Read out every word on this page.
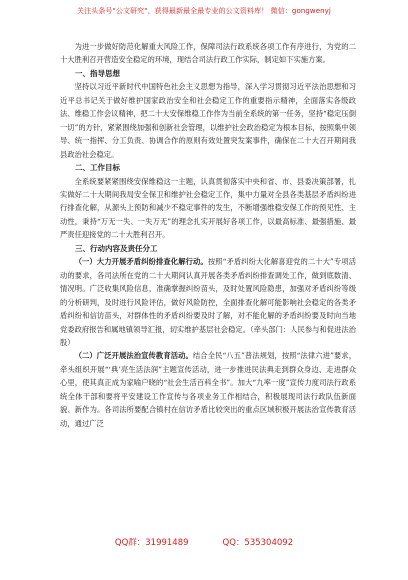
关注头条号"公文研究"，获得最新最全最专业的公文资料库！ 微信：gongwenyj

为进一步做好防范化解重大风险工作，保障司法行政系统各项工作有序进行，为党的二十大胜利召开营造安全稳定的环境，现结合司法行政工作实际，制定如下实施方案。

一、指导思想

坚持以习近平新时代中国特色社会主义思想为指导，深入学习贯彻习近平法治思想和习近平总书记关于做好维护国家政治安全和社会稳定工作的重要指示精神，全面落实各级政法、维稳工作会议精神，把二十大安保维稳工作作为当前全系统的第一任务，坚持“稳定压倒一切”的方针，紧紧围绕加强和创新社会管理，以维护社会政治稳定为根本目标，按照集中领导、统一指挥、分工负责、协调合作的原则有效处置突发案事件，确保在二十大召开期间我县政治社会稳定。

二、工作目标

全系统要紧紧围绕安保维稳这一主题，认真贯彻落实中央和省、市、县委决策部署，扎实做好二十大期间我局安全保卫和维护社会稳定工作，集中力量对全县各类基层矛盾纠纷进行排查化解，从源头上预防和减少不稳定事件的发生，不断增强维稳安保工作的预见性、主动性，秉持“万无一失、一失万无”的理念扎实开展好各项工作，以最高标准、最强措施、最严责任迎接党的二十大胜利召开。

三、行动内容及责任分工

（一）大力开展矛盾纠纷排查化解行动。按照“矛盾纠纷大化解喜迎党的二十大”专项活动的要求，各司法所在党的二十大期间认真开展各类矛盾纠纷排查调处工作，做到底数清、情况明。广泛收集风险信息，准确掌握纠纷苗头，及时处置风险隐患，加强对矛盾纠纷等级的分析研判，及时进行风险评估，做好风险防控，全面排查化解可能影响社会稳定的各类矛盾纠纷和信访苗头，对群体性的矛盾纠纷要及时了解，对不能化解的矛盾纠纷要及时向当地党委政府报告和属地镇领导汇报，切实维护基层社会稳定。（牵头部门：人民参与和促进法治股）

（二）广泛开展法治宣传教育活动。结合全民“八五”普法规划，按照“法律六进”要求，牵头组织开展“‘典’亮生活法润”主题宣传活动，进一步推进民法典走到群众身边、走进群众心里，使其真正成为家喻户晓的“社会生活百科全书”。加大“九率一度”宣传力度司法行政系统全体干部和要将平安建设工作宣传与各项业务工作相结合，积极展现司法行政队伍新面貌、新作为。各司法所要配合镇村在信访矛盾比较突出的重点区域积极开展法治宣传教育活动，通过广泛

QQ群：31991489	QQ：535304092
